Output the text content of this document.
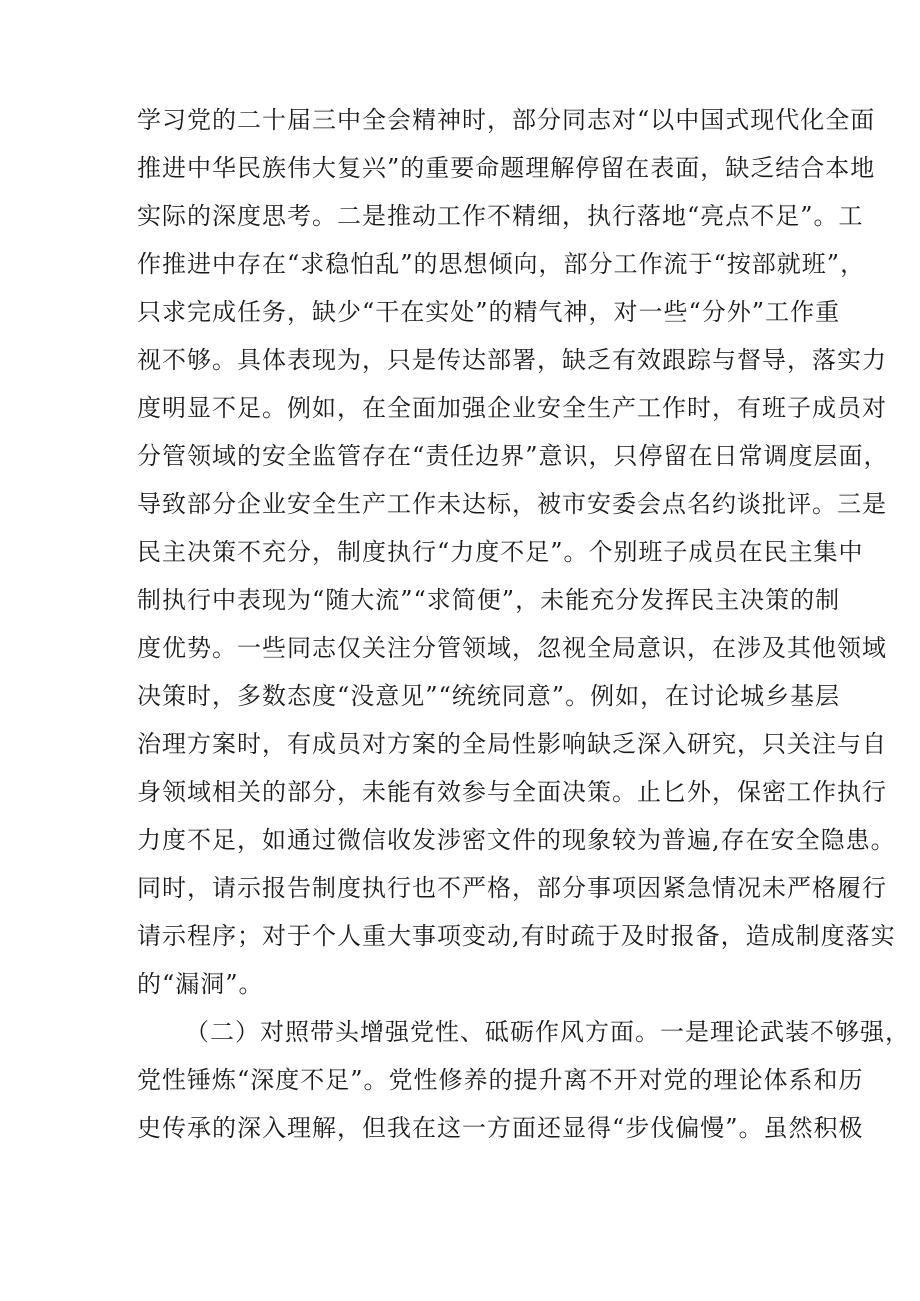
学习党的二十届三中全会精神时，部分同志对“以中国式现代化全面
推进中华民族伟大复兴”的重要命题理解停留在表面，缺乏结合本地
实际的深度思考。二是推动工作不精细，执行落地“亮点不足”。工
作推进中存在“求稳怕乱”的思想倾向，部分工作流于“按部就班”，
只求完成任务，缺少“干在实处”的精气神，对一些“分外”工作重
视不够。具体表现为，只是传达部署，缺乏有效跟踪与督导，落实力
度明显不足。例如，在全面加强企业安全生产工作时，有班子成员对
分管领域的安全监管存在“责任边界”意识，只停留在日常调度层面，
导致部分企业安全生产工作未达标，被市安委会点名约谈批评。三是
民主决策不充分，制度执行“力度不足”。个别班子成员在民主集中
制执行中表现为“随大流”“求简便”，未能充分发挥民主决策的制
度优势。一些同志仅关注分管领域，忽视全局意识，在涉及其他领域
决策时，多数态度“没意见”“统统同意”。例如，在讨论城乡基层
治理方案时，有成员对方案的全局性影响缺乏深入研究，只关注与自
身领域相关的部分，未能有效参与全面决策。止匕外，保密工作执行
力度不足，如通过微信收发涉密文件的现象较为普遍,存在安全隐患。
同时，请示报告制度执行也不严格，部分事项因紧急情况未严格履行
请示程序；对于个人重大事项变动,有时疏于及时报备，造成制度落实
的“漏洞”。
（二）对照带头增强党性、砥砺作风方面。一是理论武装不够强，
党性锤炼“深度不足”。党性修养的提升离不开对党的理论体系和历
史传承的深入理解，但我在这一方面还显得“步伐偏慢”。虽然积极
